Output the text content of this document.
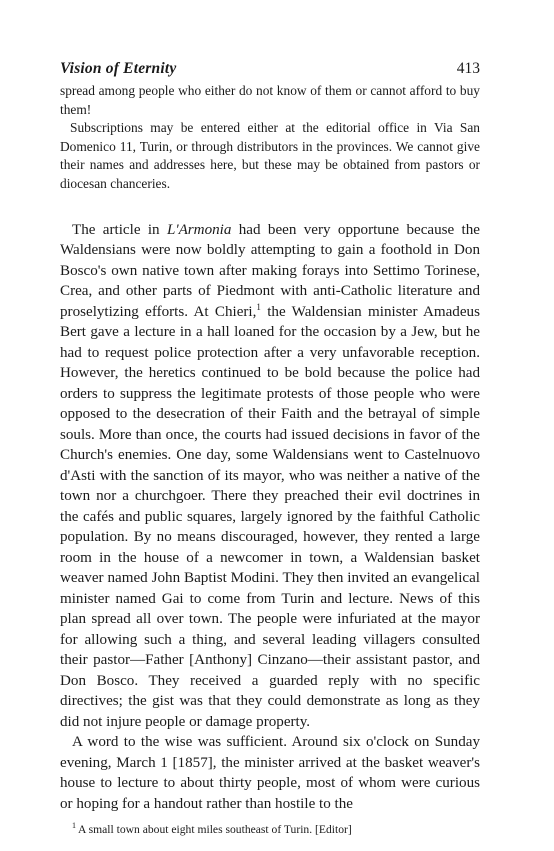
Vision of Eternity	413

spread among people who either do not know of them or cannot afford to buy them!

Subscriptions may be entered either at the editorial office in Via San Domenico 11, Turin, or through distributors in the provinces. We cannot give their names and addresses here, but these may be obtained from pastors or diocesan chanceries.

The article in L'Armonia had been very opportune because the Waldensians were now boldly attempting to gain a foothold in Don Bosco's own native town after making forays into Settimo Torinese, Crea, and other parts of Piedmont with anti-Catholic literature and proselytizing efforts. At Chieri,$^1$ the Waldensian minister Amadeus Bert gave a lecture in a hall loaned for the occasion by a Jew, but he had to request police protection after a very unfavorable reception. However, the heretics continued to be bold because the police had orders to suppress the legitimate protests of those people who were opposed to the desecration of their Faith and the betrayal of simple souls. More than once, the courts had issued decisions in favor of the Church's enemies. One day, some Waldensians went to Castelnuovo d'Asti with the sanction of its mayor, who was neither a native of the town nor a churchgoer. There they preached their evil doctrines in the cafés and public squares, largely ignored by the faithful Catholic population. By no means discouraged, however, they rented a large room in the house of a newcomer in town, a Waldensian basket weaver named John Baptist Modini. They then invited an evangelical minister named Gai to come from Turin and lecture. News of this plan spread all over town. The people were infuriated at the mayor for allowing such a thing, and several leading villagers consulted their pastor—Father [Anthony] Cinzano—their assistant pastor, and Don Bosco. They received a guarded reply with no specific directives; the gist was that they could demonstrate as long as they did not injure people or damage property.

A word to the wise was sufficient. Around six o'clock on Sunday evening, March 1 [1857], the minister arrived at the basket weaver's house to lecture to about thirty people, most of whom were curious or hoping for a handout rather than hostile to the

$^1$ A small town about eight miles southeast of Turin. [Editor]
